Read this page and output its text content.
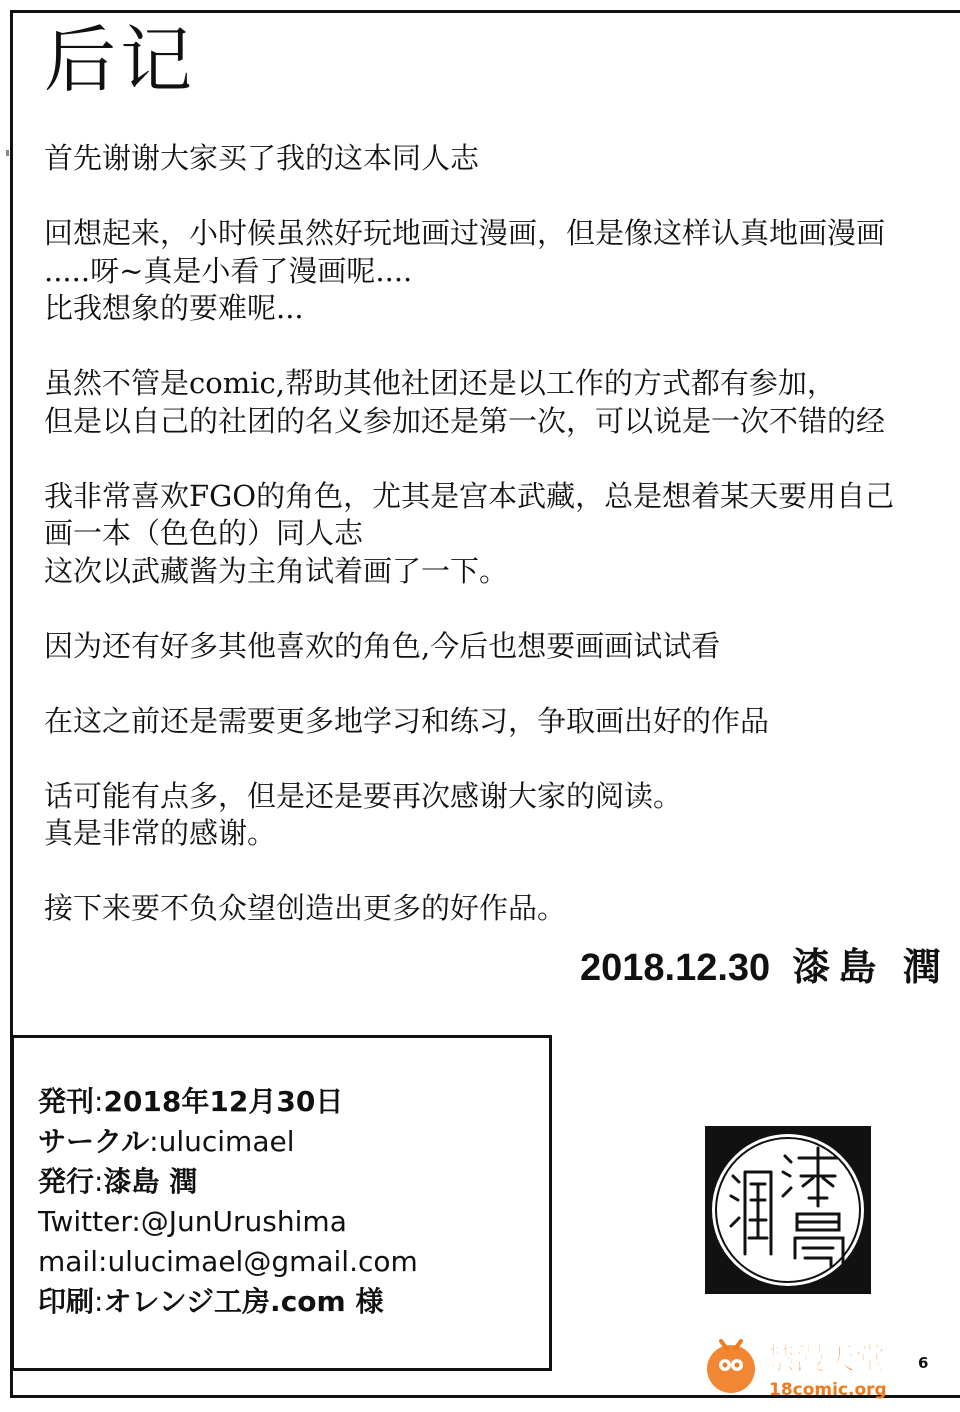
后记
首先谢谢大家买了我的这本同人志
回想起来，小时候虽然好玩地画过漫画，但是像这样认真地画漫画
.....呀~真是小看了漫画呢....
比我想象的要难呢...
虽然不管是comic,帮助其他社团还是以工作的方式都有参加，
但是以自己的社团的名义参加还是第一次，可以说是一次不错的经
我非常喜欢FGO的角色，尤其是宫本武藏，总是想着某天要用自己
画一本（色色的）同人志
这次以武藏酱为主角试着画了一下。
因为还有好多其他喜欢的角色,今后也想要画画试试看
在这之前还是需要更多地学习和练习，争取画出好的作品
话可能有点多，但是还是要再次感谢大家的阅读。
真是非常的感谢。
接下来要不负众望创造出更多的好作品。
2018.12.30 漆島 潤
発刊:2018年12月30日
サークル:ulucimael
発行:漆島 潤
Twitter:@JunUrushima
mail:ulucimael@gmail.com
印刷:オレンジ工房.com 様
禁漫天堂
18comic.org
6
